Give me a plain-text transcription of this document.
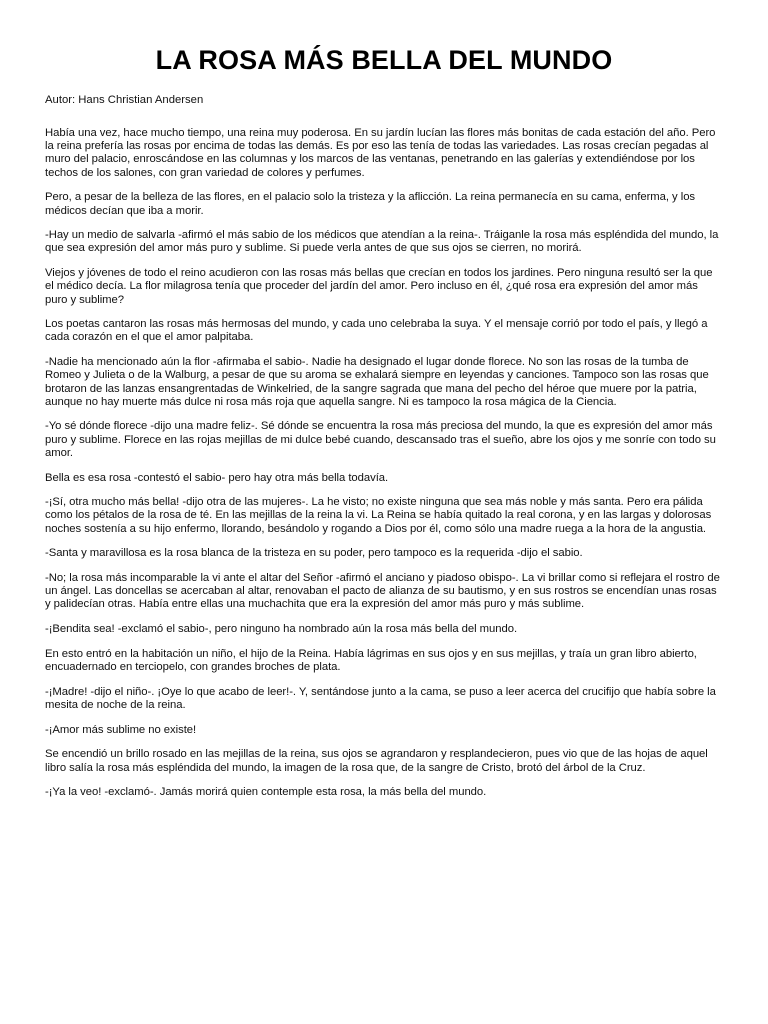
LA ROSA MÁS BELLA DEL MUNDO

Autor: Hans Christian Andersen

Había una vez, hace mucho tiempo, una reina muy poderosa. En su jardín lucían las flores más bonitas de cada estación del año. Pero la reina prefería las rosas por encima de todas las demás. Es por eso las tenía de todas las variedades. Las rosas crecían pegadas al muro del palacio, enroscándose en las columnas y los marcos de las ventanas, penetrando en las galerías y extendiéndose por los techos de los salones, con gran variedad de colores y perfumes.

Pero, a pesar de la belleza de las flores, en el palacio solo la tristeza y la aflicción. La reina permanecía en su cama, enferma, y los médicos decían que iba a morir.

-Hay un medio de salvarla -afirmó el más sabio de los médicos que atendían a la reina-. Tráiganle la rosa más espléndida del mundo, la que sea expresión del amor más puro y sublime. Si puede verla antes de que sus ojos se cierren, no morirá.

Viejos y jóvenes de todo el reino acudieron con las rosas más bellas que crecían en todos los jardines. Pero ninguna resultó ser la que el médico decía. La flor milagrosa tenía que proceder del jardín del amor. Pero incluso en él, ¿qué rosa era expresión del amor más puro y sublime?

Los poetas cantaron las rosas más hermosas del mundo, y cada uno celebraba la suya. Y el mensaje corrió por todo el país, y llegó a cada corazón en el que el amor palpitaba.

-Nadie ha mencionado aún la flor -afirmaba el sabio-. Nadie ha designado el lugar donde florece. No son las rosas de la tumba de Romeo y Julieta o de la Walburg, a pesar de que su aroma se exhalará siempre en leyendas y canciones. Tampoco son las rosas que brotaron de las lanzas ensangrentadas de Winkelried, de la sangre sagrada que mana del pecho del héroe que muere por la patria, aunque no hay muerte más dulce ni rosa más roja que aquella sangre. Ni es tampoco la rosa mágica de la Ciencia.

-Yo sé dónde florece -dijo una madre feliz-. Sé dónde se encuentra la rosa más preciosa del mundo, la que es expresión del amor más puro y sublime. Florece en las rojas mejillas de mi dulce bebé cuando, descansado tras el sueño, abre los ojos y me sonríe con todo su amor.

Bella es esa rosa -contestó el sabio- pero hay otra más bella todavía.

-¡Sí, otra mucho más bella! -dijo otra de las mujeres-. La he visto; no existe ninguna que sea más noble y más santa. Pero era pálida como los pétalos de la rosa de té. En las mejillas de la reina la vi. La Reina se había quitado la real corona, y en las largas y dolorosas noches sostenía a su hijo enfermo, llorando, besándolo y rogando a Dios por él, como sólo una madre ruega a la hora de la angustia.

-Santa y maravillosa es la rosa blanca de la tristeza en su poder, pero tampoco es la requerida -dijo el sabio.

-No; la rosa más incomparable la vi ante el altar del Señor -afirmó el anciano y piadoso obispo-. La vi brillar como si reflejara el rostro de un ángel. Las doncellas se acercaban al altar, renovaban el pacto de alianza de su bautismo, y en sus rostros se encendían unas rosas y palidecían otras. Había entre ellas una muchachita que era la expresión del amor más puro y más sublime.

-¡Bendita sea! -exclamó el sabio-, pero ninguno ha nombrado aún la rosa más bella del mundo.

En esto entró en la habitación un niño, el hijo de la Reina. Había lágrimas en sus ojos y en sus mejillas, y traía un gran libro abierto, encuadernado en terciopelo, con grandes broches de plata.

-¡Madre! -dijo el niño-. ¡Oye lo que acabo de leer!-. Y, sentándose junto a la cama, se puso a leer acerca del crucifijo que había sobre la mesita de noche de la reina.

-¡Amor más sublime no existe!

Se encendió un brillo rosado en las mejillas de la reina, sus ojos se agrandaron y resplandecieron, pues vio que de las hojas de aquel libro salía la rosa más espléndida del mundo, la imagen de la rosa que, de la sangre de Cristo, brotó del árbol de la Cruz.

-¡Ya la veo! -exclamó-. Jamás morirá quien contemple esta rosa, la más bella del mundo.
